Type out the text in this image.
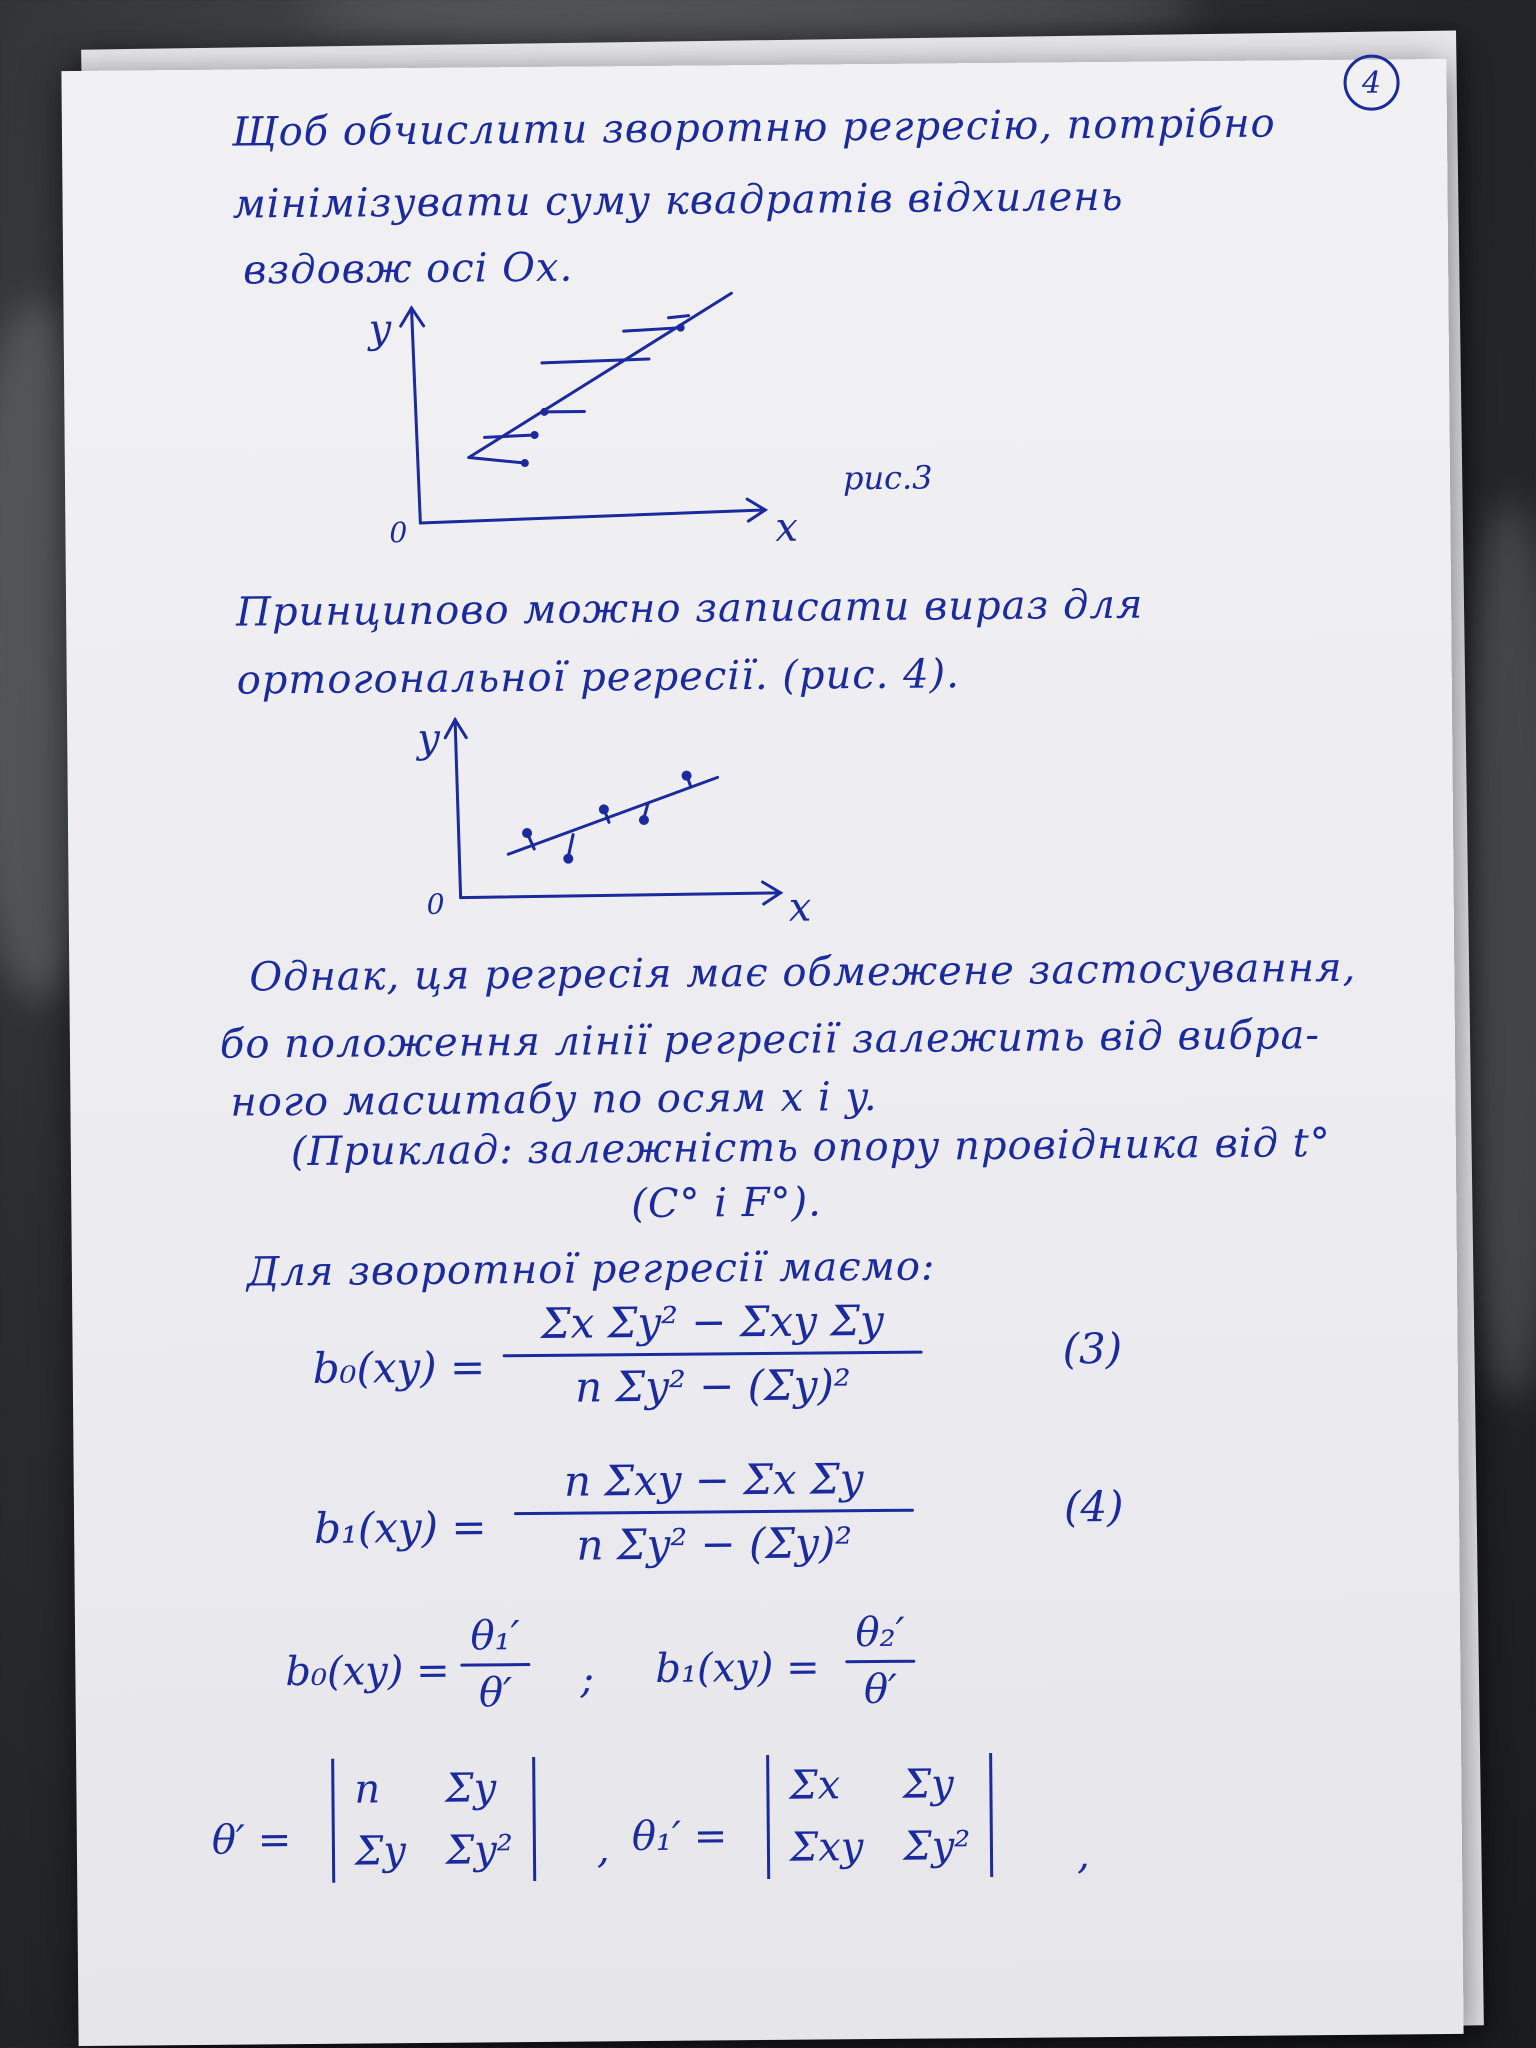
4
Щоб обчислити зворотню регресію, потрібно
мінімізувати суму квадратів відхилень
вздовж осі Ox.
y
x
0
рис.3
Принципово можно записати вираз для
ортогональної регресії. (рис. 4).
y
x
0
Однак, ця регресія має обмежене застосування,
бо положення лінії регресії залежить від вибра-
ного масштабу по осям x і y.
(Приклад: залежність опору провідника від t°
(C° і F°).
Для зворотної регресії маємо:
b₀(xy) =
Σx Σy² − Σxy Σy
n Σy² − (Σy)²
(3)
b₁(xy) =
n Σxy − Σx Σy
n Σy² − (Σy)²
(4)
b₀(xy) =
θ₁′
θ′ ; b₁(xy) =
θ₂′
θ′
θ′ =
n	Σy
Σy Σy²	, θ₁′ =
Σx	Σy
Σxy Σy²	,
